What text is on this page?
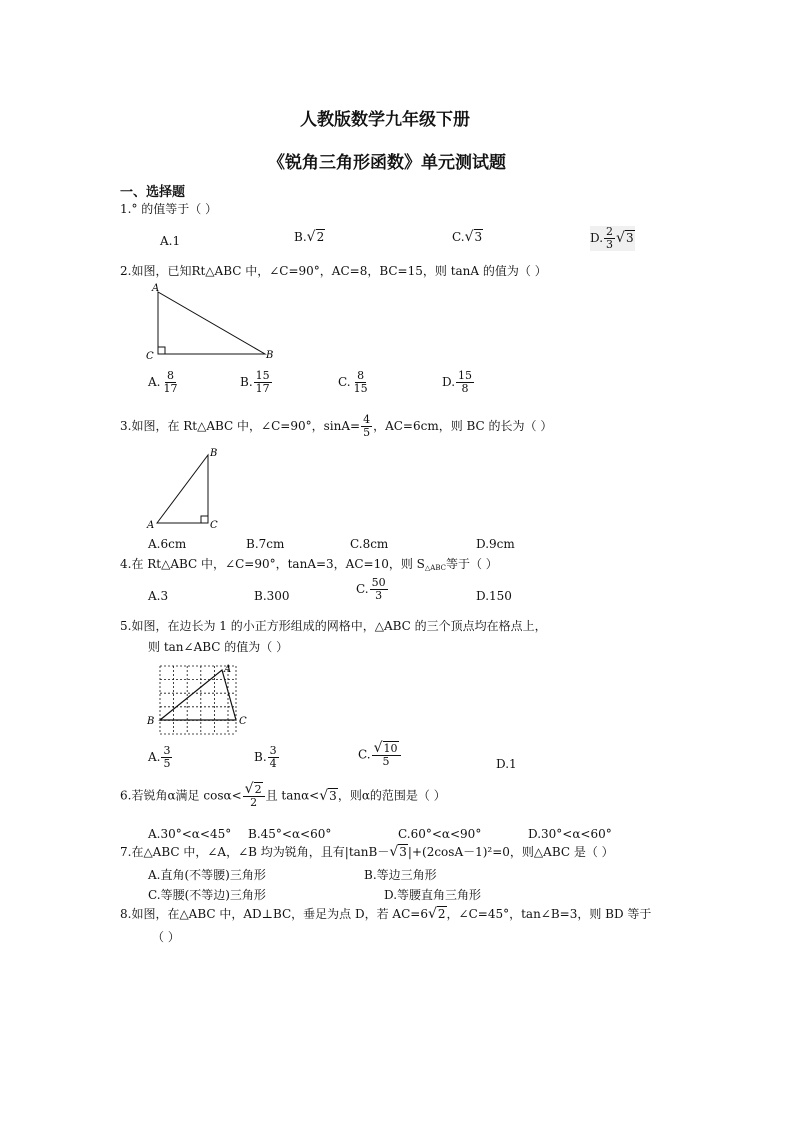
人教版数学九年级下册
《锐角三角形函数》单元测试题
一、选择题
1.° 的值等于（ ）
A.1	B.√2	C.√3	D. $\frac{2}{3} √3$
2.如图，已知Rt△ABC 中，∠C=90°，AC=8，BC=15，则 tanA 的值为（ ）
A
C	B
A. $\frac{8}{17}$	B. $\frac{15}{17}$	C. $\frac{8}{15}$	D. $\frac{15}{8}$
3.如图，在 Rt△ABC 中，∠C=90°，$\sin A= \frac{4}{5}$ ，AC=6cm，则 BC 的长为（ ）
B
A	C
A.6cm	B.7cm	C.8cm	D.9cm
4.在 Rt△ABC 中，∠C=90°，tanA=3，AC=10，则 $S_{\triangle ABC}$等于（ ）
A.3	B.300	C. $\frac{50}{3}$	D.150
5.如图，在边长为 1 的小正方形组成的网格中，△ABC 的三个顶点均在格点上，
则 tan∠ABC 的值为（ ）
A
B	C
A. $\frac{3}{5}$	B. $\frac{3}{4}$	C. $\frac{√10}{5}$	D.1
6.若锐角α满足 $\cos\alpha< \frac{√2}{2}$ 且 tanα<√3，则α的范围是（ ）
A.30°<α<45° B.45°<α<60°	C.60°<α<90°	D.30°<α<60°
7.在△ABC 中，∠A，∠B 均为锐角，且有|tanB－√3|+(2cosA－1)²=0，则△ABC 是（ ）
A.直角(不等腰)三角形	B.等边三角形
C.等腰(不等边)三角形	D.等腰直角三角形
8.如图，在△ABC 中，AD⊥BC，垂足为点 D，若 AC=6√2，∠C=45°，tan∠B=3，则 BD 等于
（ ）
